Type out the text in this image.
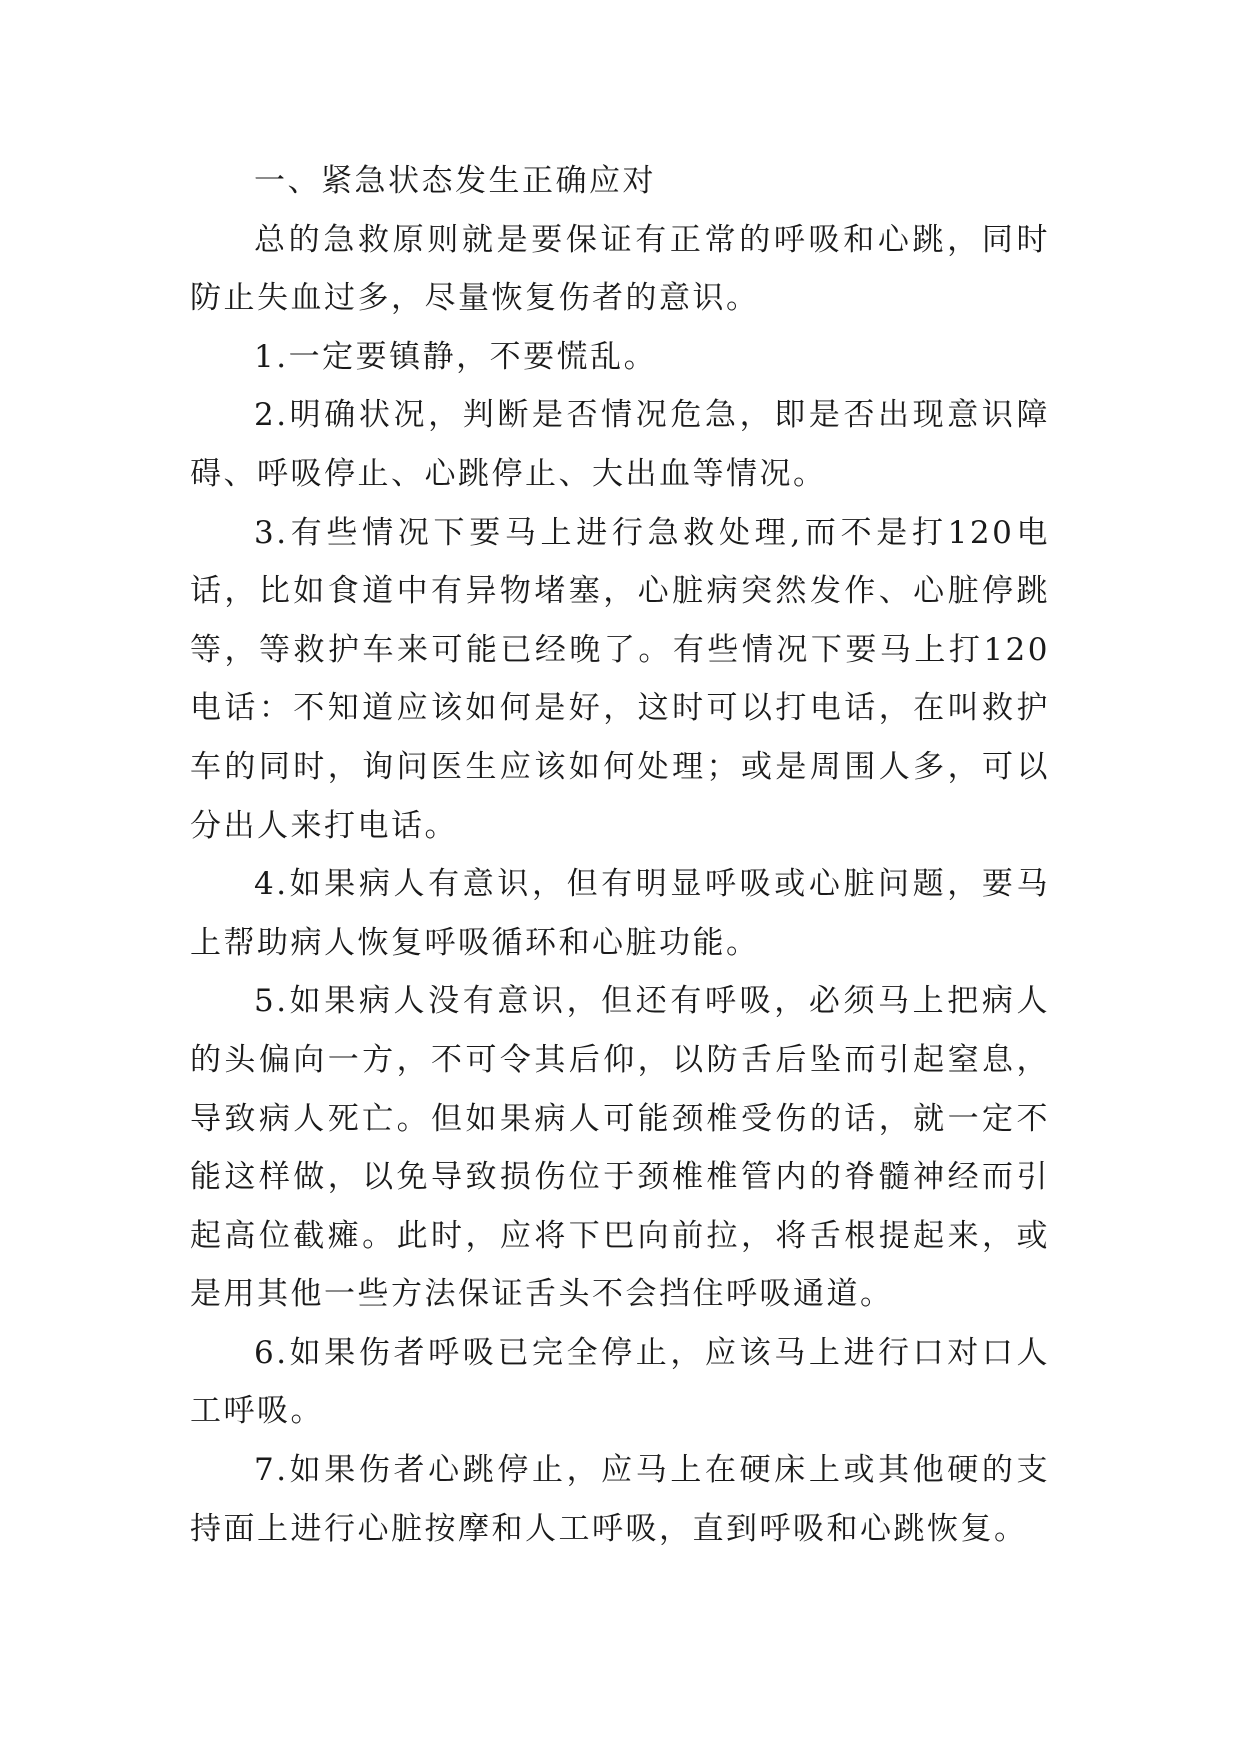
一、紧急状态发生正确应对

总的急救原则就是要保证有正常的呼吸和心跳，同时防止失血过多，尽量恢复伤者的意识。

1.一定要镇静，不要慌乱。

2.明确状况，判断是否情况危急，即是否出现意识障碍、呼吸停止、心跳停止、大出血等情况。

3.有些情况下要马上进行急救处理,而不是打120电话，比如食道中有异物堵塞，心脏病突然发作、心脏停跳等，等救护车来可能已经晚了。有些情况下要马上打120电话：不知道应该如何是好，这时可以打电话，在叫救护车的同时，询问医生应该如何处理；或是周围人多，可以分出人来打电话。

4.如果病人有意识，但有明显呼吸或心脏问题，要马上帮助病人恢复呼吸循环和心脏功能。

5.如果病人没有意识，但还有呼吸，必须马上把病人的头偏向一方，不可令其后仰，以防舌后坠而引起窒息，导致病人死亡。但如果病人可能颈椎受伤的话，就一定不能这样做，以免导致损伤位于颈椎椎管内的脊髓神经而引起高位截瘫。此时，应将下巴向前拉，将舌根提起来，或是用其他一些方法保证舌头不会挡住呼吸通道。

6.如果伤者呼吸已完全停止，应该马上进行口对口人工呼吸。

7.如果伤者心跳停止，应马上在硬床上或其他硬的支持面上进行心脏按摩和人工呼吸，直到呼吸和心跳恢复。
